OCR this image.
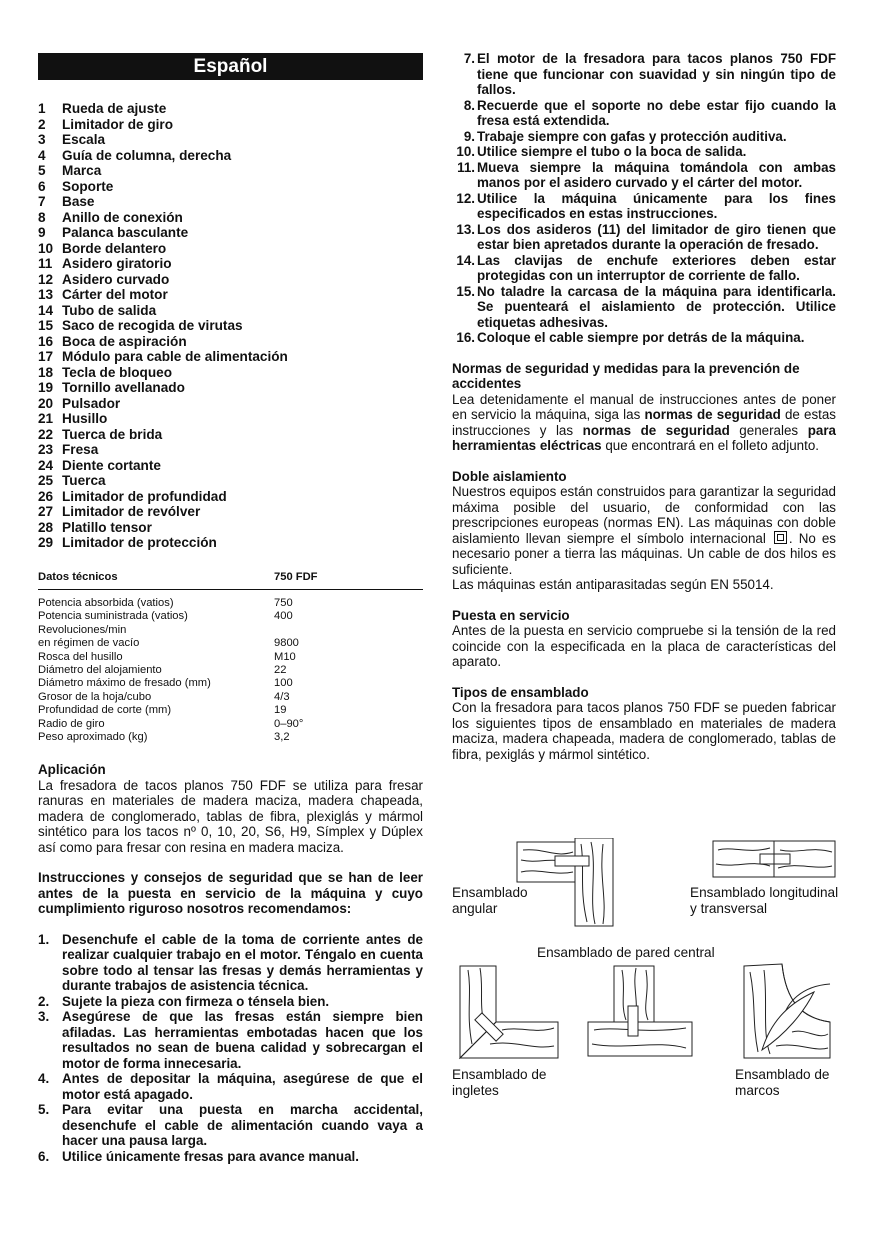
Español
1	Rueda de ajuste
2	Limitador de giro
3	Escala
4	Guía de columna, derecha
5	Marca
6	Soporte
7	Base
8	Anillo de conexión
9	Palanca basculante
10 Borde delantero
11 Asidero giratorio
12 Asidero curvado
13 Cárter del motor
14 Tubo de salida
15 Saco de recogida de virutas
16 Boca de aspiración
17 Módulo para cable de alimentación
18 Tecla de bloqueo
19 Tornillo avellanado
20 Pulsador
21 Husillo
22 Tuerca de brida
23 Fresa
24 Diente cortante
25 Tuerca
26 Limitador de profundidad
27 Limitador de revólver
28 Platillo tensor
29 Limitador de protección
Datos técnicos	750 FDF
Potencia absorbida (vatios)	750
Potencia suministrada (vatios)	400
Revoluciones/min
en régimen de vacío	9800
Rosca del husillo	M10
Diámetro del alojamiento	22
Diámetro máximo de fresado (mm)	100
Grosor de la hoja/cubo	4/3
Profundidad de corte (mm)	19
Radio de giro	0–90°
Peso aproximado (kg)	3,2
Aplicación
La fresadora de tacos planos 750 FDF se utiliza para fresar ranuras en materiales de madera maciza, madera chapeada, madera de conglomerado, tablas de fibra, plexiglás y mármol sintético para los tacos nº 0, 10, 20, S6, H9, Símplex y Dúplex así como para fresar con resina en madera maciza.
Instrucciones y consejos de seguridad que se han de leer antes de la puesta en servicio de la máquina y cuyo cumplimiento riguroso nosotros recomendamos:
1. Desenchufe el cable de la toma de corriente antes de realizar cualquier trabajo en el motor. Téngalo en cuenta sobre todo al tensar las fresas y demás herramientas y durante trabajos de asistencia técnica.
2. Sujete la pieza con firmeza o ténsela bien.
3. Asegúrese de que las fresas están siempre bien afiladas. Las herramientas embotadas hacen que los resultados no sean de buena calidad y sobrecargan el motor de forma innecesaria.
4. Antes de depositar la máquina, asegúrese de que el motor está apagado.
5. Para evitar una puesta en marcha accidental, desenchufe el cable de alimentación cuando vaya a hacer una pausa larga.
6. Utilice únicamente fresas para avance manual.
7. El motor de la fresadora para tacos planos 750 FDF tiene que funcionar con suavidad y sin ningún tipo de fallos.
8. Recuerde que el soporte no debe estar fijo cuando la fresa está extendida.
9. Trabaje siempre con gafas y protección auditiva.
10. Utilice siempre el tubo o la boca de salida.
11. Mueva siempre la máquina tomándola con ambas manos por el asidero curvado y el cárter del motor.
12. Utilice la máquina únicamente para los fines especificados en estas instrucciones.
13. Los dos asideros (11) del limitador de giro tienen que estar bien apretados durante la operación de fresado.
14. Las clavijas de enchufe exteriores deben estar protegidas con un interruptor de corriente de fallo.
15. No taladre la carcasa de la máquina para identificarla. Se puenteará el aislamiento de protección. Utilice etiquetas adhesivas.
16. Coloque el cable siempre por detrás de la máquina.
Normas de seguridad y medidas para la prevención de accidentes
Lea detenidamente el manual de instrucciones antes de poner en servicio la máquina, siga las normas de seguridad de estas instrucciones y las normas de seguridad generales para herramientas eléctricas que encontrará en el folleto adjunto.
Doble aislamiento
Nuestros equipos están construidos para garantizar la seguridad máxima posible del usuario, de conformidad con las prescripciones europeas (normas EN). Las máquinas con doble aislamiento llevan siempre el símbolo internacional . No es necesario poner a tierra las máquinas. Un cable de dos hilos es suficiente.
Las máquinas están antiparasitadas según EN 55014.
Puesta en servicio
Antes de la puesta en servicio compruebe si la tensión de la red coincide con la especificada en la placa de características del aparato.
Tipos de ensamblado
Con la fresadora para tacos planos 750 FDF se pueden fabricar los siguientes tipos de ensamblado en materiales de madera maciza, madera chapeada, madera de conglomerado, tablas de fibra, pexiglás y mármol sintético.
Ensamblado angular
Ensamblado longitudinal y transversal
Ensamblado de pared central
Ensamblado de ingletes
Ensamblado de marcos
